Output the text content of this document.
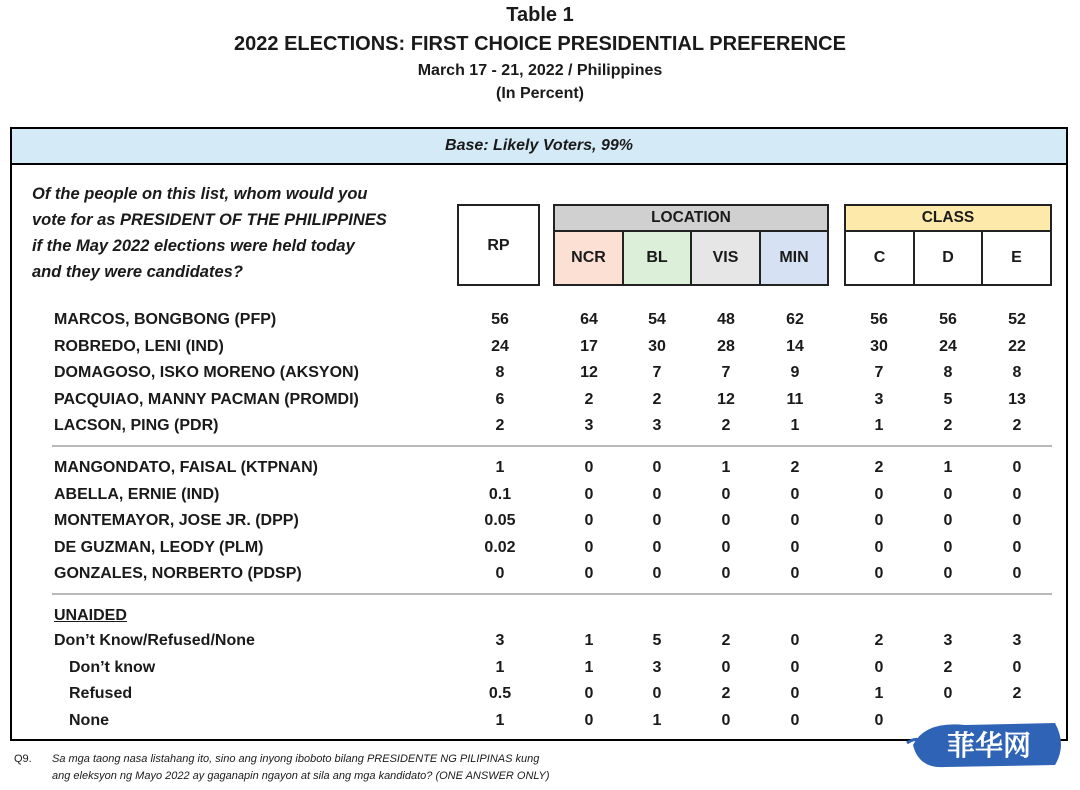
Table 1
2022 ELECTIONS: FIRST CHOICE PRESIDENTIAL PREFERENCE
March 17 - 21, 2022 / Philippines
(In Percent)
Base: Likely Voters, 99%
Of the people on this list, whom would you
vote for as PRESIDENT OF THE PHILIPPINES
if the May 2022 elections were held today
and they were candidates?
RP
LOCATION
NCR	BL	VIS	MIN
CLASS
C	D	E
MARCOS, BONGBONG (PFP)	56	64	54	48	62	56	56	52
ROBREDO, LENI (IND)	24	17	30	28	14	30	24	22
DOMAGOSO, ISKO MORENO (AKSYON)	8	12	7	7	9	7	8	8
PACQUIAO, MANNY PACMAN (PROMDI)	6	2	2	12	11	3	5	13
LACSON, PING (PDR)	2	3	3	2	1	1	2	2
MANGONDATO, FAISAL (KTPNAN)	1	0	0	1	2	2	1	0
ABELLA, ERNIE (IND)	0.1	0	0	0	0	0	0	0
MONTEMAYOR, JOSE JR. (DPP)	0.05	0	0	0	0	0	0	0
DE GUZMAN, LEODY (PLM)	0.02	0	0	0	0	0	0	0
GONZALES, NORBERTO (PDSP)	0	0	0	0	0	0	0	0
Don’t Know/Refused/None	3	1	5	2	0	2	3	3
Don’t know	1	1	3	0	0	0	2	0
Refused	0.5	0	0	2	0	1	0	2
None	1	0	1	0	0	0
UNAIDED
Q9. Sa mga taong nasa listahang ito, sino ang inyong iboboto bilang PRESIDENTE NG PILIPINAS kung
ang eleksyon ng Mayo 2022 ay gaganapin ngayon at sila ang mga kandidato? (ONE ANSWER ONLY)
菲华网
